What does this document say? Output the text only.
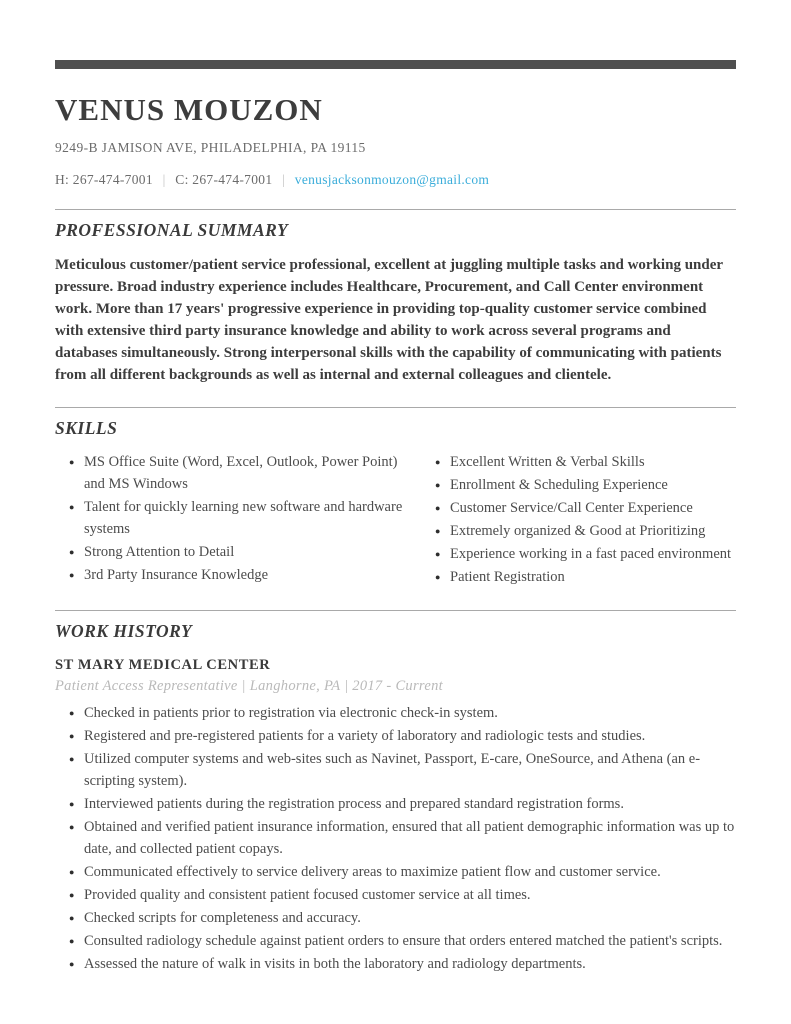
VENUS MOUZON
9249-B JAMISON AVE, PHILADELPHIA, PA 19115
H: 267-474-7001 | C: 267-474-7001 | venusjacksonmouzon@gmail.com
PROFESSIONAL SUMMARY

Meticulous customer/patient service professional, excellent at juggling multiple tasks and working under pressure. Broad industry experience includes Healthcare, Procurement, and Call Center environment work. More than 17 years' progressive experience in providing top-quality customer service combined with extensive third party insurance knowledge and ability to work across several programs and databases simultaneously. Strong interpersonal skills with the capability of communicating with patients from all different backgrounds as well as internal and external colleagues and clientele.

SKILLS
● MS Office Suite (Word, Excel, Outlook, Power Point) and MS Windows
● Talent for quickly learning new software and hardware systems
● Strong Attention to Detail
● 3rd Party Insurance Knowledge
● Excellent Written & Verbal Skills
● Enrollment & Scheduling Experience
● Customer Service/Call Center Experience
● Extremely organized & Good at Prioritizing
● Experience working in a fast paced environment
● Patient Registration
WORK HISTORY
ST MARY MEDICAL CENTER
Patient Access Representative | Langhorne, PA | 2017 - Current
● Checked in patients prior to registration via electronic check-in system.
● Registered and pre-registered patients for a variety of laboratory and radiologic tests and studies.
● Utilized computer systems and web-sites such as Navinet, Passport, E-care, OneSource, and Athena (an e-scripting system).
● Interviewed patients during the registration process and prepared standard registration forms.
● Obtained and verified patient insurance information, ensured that all patient demographic information was up to date, and collected patient copays.
● Communicated effectively to service delivery areas to maximize patient flow and customer service.
● Provided quality and consistent patient focused customer service at all times.
● Checked scripts for completeness and accuracy.
● Consulted radiology schedule against patient orders to ensure that orders entered matched the patient's scripts.
● Assessed the nature of walk in visits in both the laboratory and radiology departments.
